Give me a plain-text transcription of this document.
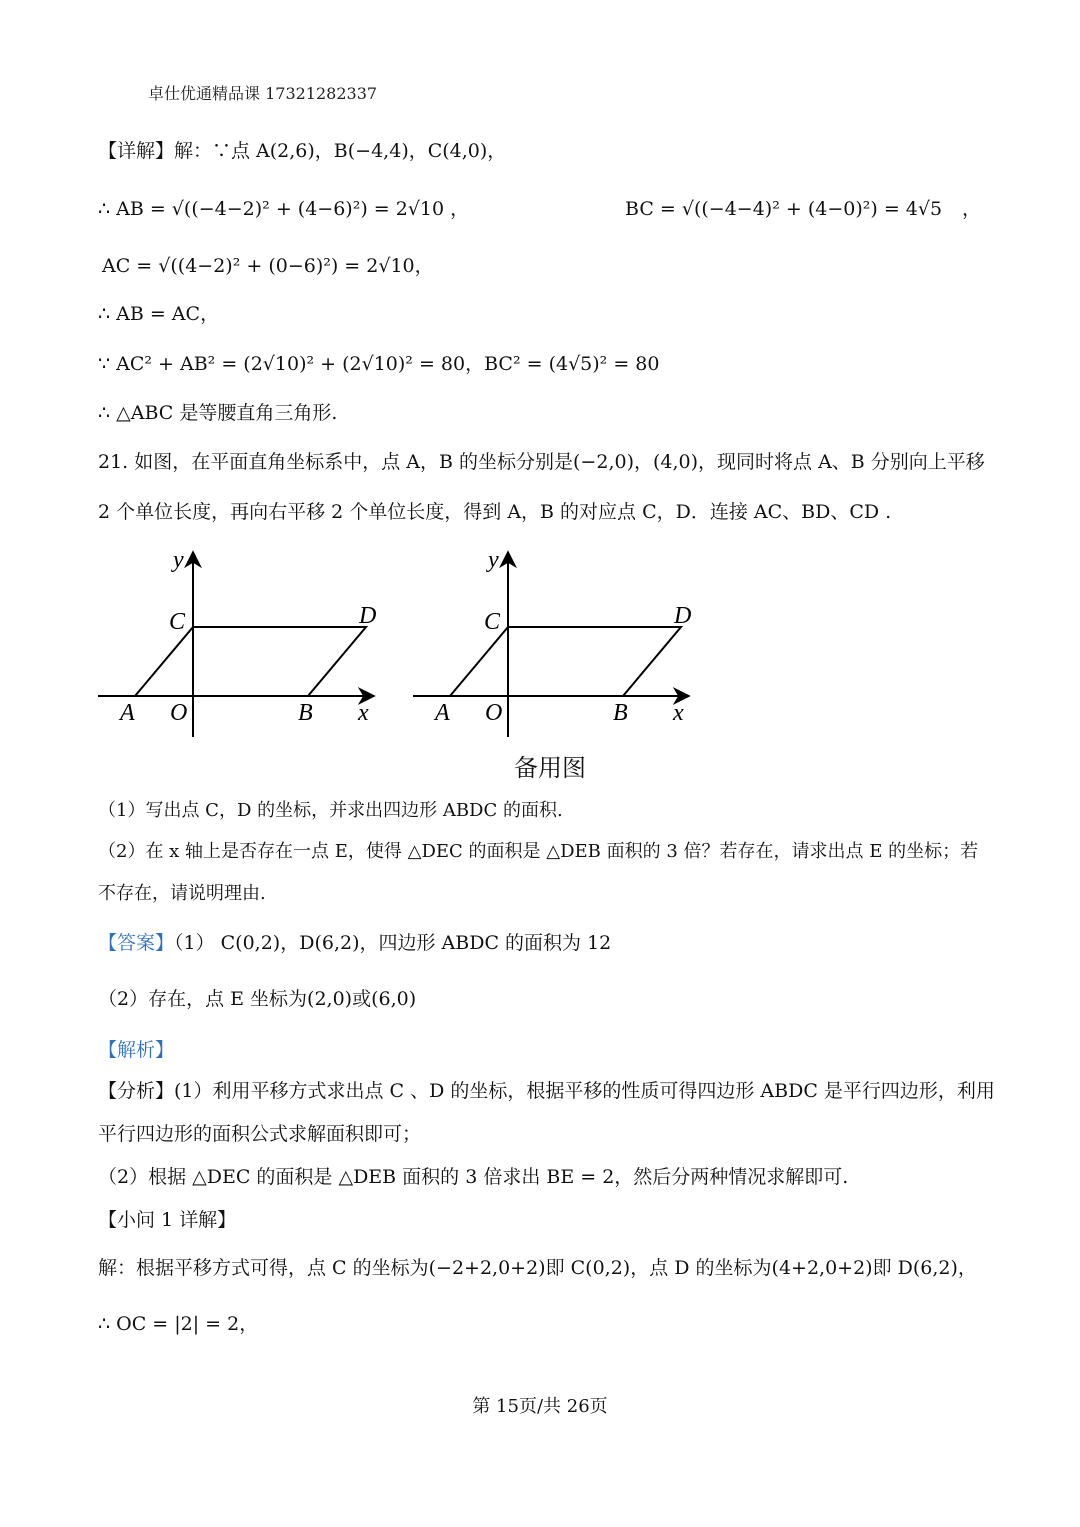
卓仕优通精品课 17321282337
【详解】解：∵点 A(2,6)，B(−4,4)，C(4,0)，
∴ AB = √((−4−2)² + (4−6)²) = 2√10 ，	BC = √((−4−4)² + (4−0)²) = 4√5 ，
AC = √((4−2)² + (0−6)²) = 2√10，
∴ AB = AC，
∵ AC² + AB² = (2√10)² + (2√10)² = 80，BC² = (4√5)² = 80
∴ △ABC 是等腰直角三角形.
21. 如图，在平面直角坐标系中，点 A，B 的坐标分别是(−2,0)，(4,0)，现同时将点 A、B 分别向上平移
2 个单位长度，再向右平移 2 个单位长度，得到 A，B 的对应点 C，D．连接 AC、BD、CD .
y
C	D
A O	B x
y
C	D
A O	B x
备用图
（1）写出点 C，D 的坐标，并求出四边形 ABDC 的面积.
（2）在 x 轴上是否存在一点 E，使得 △DEC 的面积是 △DEB 面积的 3 倍？若存在，请求出点 E 的坐标；若
不存在，请说明理由.
【答案】（1） C(0,2)，D(6,2)，四边形 ABDC 的面积为 12
（2）存在，点 E 坐标为(2,0)或(6,0)
【解析】
【分析】(1）利用平移方式求出点 C 、D 的坐标，根据平移的性质可得四边形 ABDC 是平行四边形，利用
平行四边形的面积公式求解面积即可；
（2）根据 △DEC 的面积是 △DEB 面积的 3 倍求出 BE = 2，然后分两种情况求解即可.
【小问 1 详解】
解：根据平移方式可得，点 C 的坐标为(−2+2,0+2)即 C(0,2)，点 D 的坐标为(4+2,0+2)即 D(6,2)，
∴ OC = |2| = 2，
第 15页/共 26页
